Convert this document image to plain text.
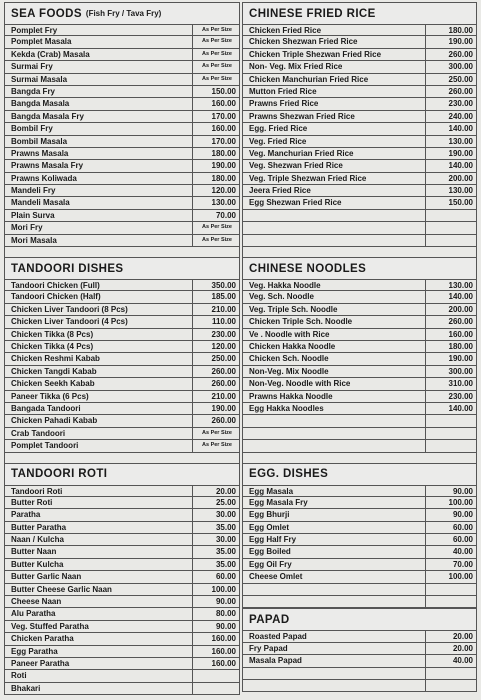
SEA FOODS (Fish Fry / Tava Fry)
Pomplet Fry	As Per Size
Pomplet Masala	As Per Size
Kekda (Crab) Masala	As Per Size
Surmai Fry	As Per Size
Surmai Masala	As Per Size
Bangda Fry	150.00
Bangda Masala	160.00
Bangda Masala Fry	170.00
Bombil Fry	160.00
Bombil Masala	170.00
Prawns Masala	180.00
Prawns Masala Fry	190.00
Prawns Koliwada	180.00
Mandeli Fry	120.00
Mandeli Masala	130.00
Plain Surva	70.00
Mori Fry	As Per Size
Mori Masala	As Per Size
TANDOORI DISHES
Tandoori Chicken (Full)	350.00
Tandoori Chicken (Half)	185.00
Chicken Liver Tandoori (8 Pcs)	210.00
Chicken Liver Tandoori (4 Pcs)	110.00
Chicken Tikka (8 Pcs)	230.00
Chicken Tikka (4 Pcs)	120.00
Chicken Reshmi Kabab	250.00
Chicken Tangdi Kabab	260.00
Chicken Seekh Kabab	260.00
Paneer Tikka (6 Pcs)	210.00
Bangada Tandoori	190.00
Chicken Pahadi Kabab	260.00
Crab Tandoori	As Per Size
Pomplet Tandoori	As Per Size
TANDOORI ROTI
Tandoori Roti	20.00
Butter Roti	25.00
Paratha	30.00
Butter Paratha	35.00
Naan / Kulcha	30.00
Butter Naan	35.00
Butter Kulcha	35.00
Butter Garlic Naan	60.00
Butter Cheese Garlic Naan	100.00
Cheese Naan	90.00
Alu Paratha	80.00
Veg. Stuffed Paratha	90.00
Chicken Paratha	160.00
Egg Paratha	160.00
Paneer Paratha	160.00
Roti
Bhakari
CHINESE FRIED RICE
Chicken Fried Rice	180.00
Chicken Shezwan Fried Rice	190.00
Chicken Triple Shezwan Fried Rice	260.00
Non- Veg. Mix Fried Rice	300.00
Chicken Manchurian Fried Rice	250.00
Mutton Fried Rice	260.00
Prawns Fried Rice	230.00
Prawns Shezwan Fried Rice	240.00
Egg. Fried Rice	140.00
Veg. Fried Rice	130.00
Veg. Manchurian Fried Rice	190.00
Veg. Shezwan Fried Rice	140.00
Veg. Triple Shezwan Fried Rice	200.00
Jeera Fried Rice	130.00
Egg Shezwan Fried Rice	150.00
CHINESE NOODLES
Veg. Hakka Noodle	130.00
Veg. Sch. Noodle	140.00
Veg. Triple Sch. Noodle	200.00
Chicken Triple Sch. Noodle	260.00
Ve . Noodle with Rice	160.00
Chicken Hakka Noodle	180.00
Chicken Sch. Noodle	190.00
Non-Veg. Mix Noodle	300.00
Non-Veg. Noodle with Rice	310.00
Prawns Hakka Noodle	230.00
Egg Hakka Noodles	140.00
EGG. DISHES
Egg Masala	90.00
Egg Masala Fry	100.00
Egg Bhurji	90.00
Egg Omlet	60.00
Egg Half Fry	60.00
Egg Boiled	40.00
Egg Oil Fry	70.00
Cheese Omlet	100.00
PAPAD
Roasted Papad	20.00
Fry Papad	20.00
Masala Papad	40.00
